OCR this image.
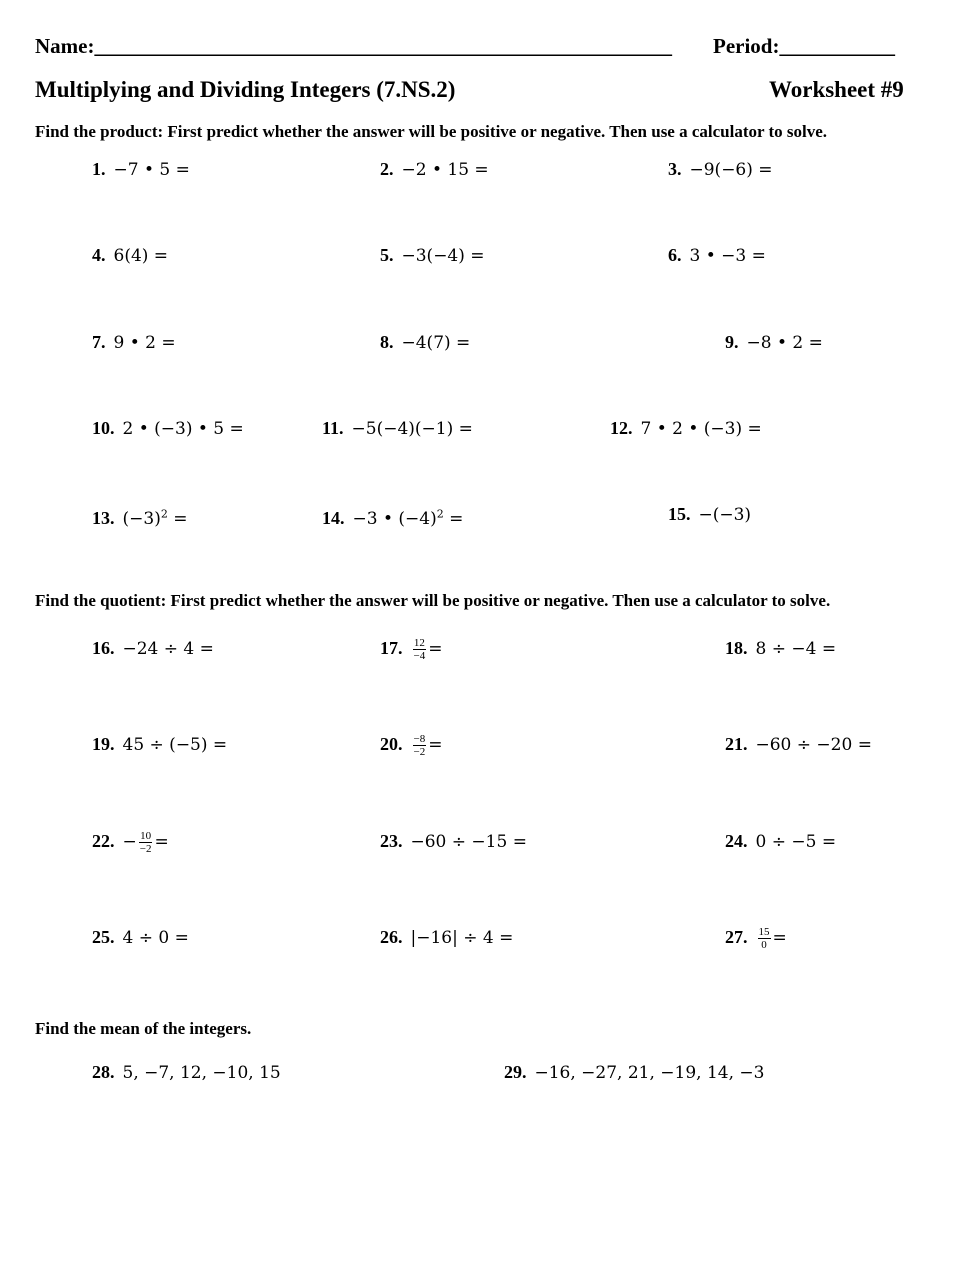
Name:_______________________________________________________ Period:___________
Multiplying and Dividing Integers (7.NS.2)	Worksheet #9
Find the product: First predict whether the answer will be positive or negative. Then use a calculator to solve.
1. −7 • 5 =	2. −2 • 15 =	3. −9(−6) =
4. 6(4) =	5. −3(−4) =	6. 3 • −3 =
7. 9 • 2 =	8. −4(7) =	9. −8 • 2 =
10. 2 • (−3) • 5 =	11. −5(−4)(−1) =	12. 7 • 2 • (−3) =
13. $(-3)^2$ =	14. −3 • $(-4)^2$ =	15. −(−3)
Find the quotient: First predict whether the answer will be positive or negative. Then use a calculator to solve.
16. −24 ÷ 4 =	17. $\frac{12}{-4}$ =	18. 8 ÷ −4 =
19. 45 ÷ (−5) =	20. $\frac{-8}{-2}$ =	21. −60 ÷ −20 =
22. − $\frac{10}{-2}$ =	23. −60 ÷ −15 =	24. 0 ÷ −5 =
25. 4 ÷ 0 =	26. |−16| ÷ 4 =	27. $\frac{15}{0}$ =
Find the mean of the integers.
28. 5, −7, 12, −10, 15	29. −16, −27, 21, −19, 14, −3
